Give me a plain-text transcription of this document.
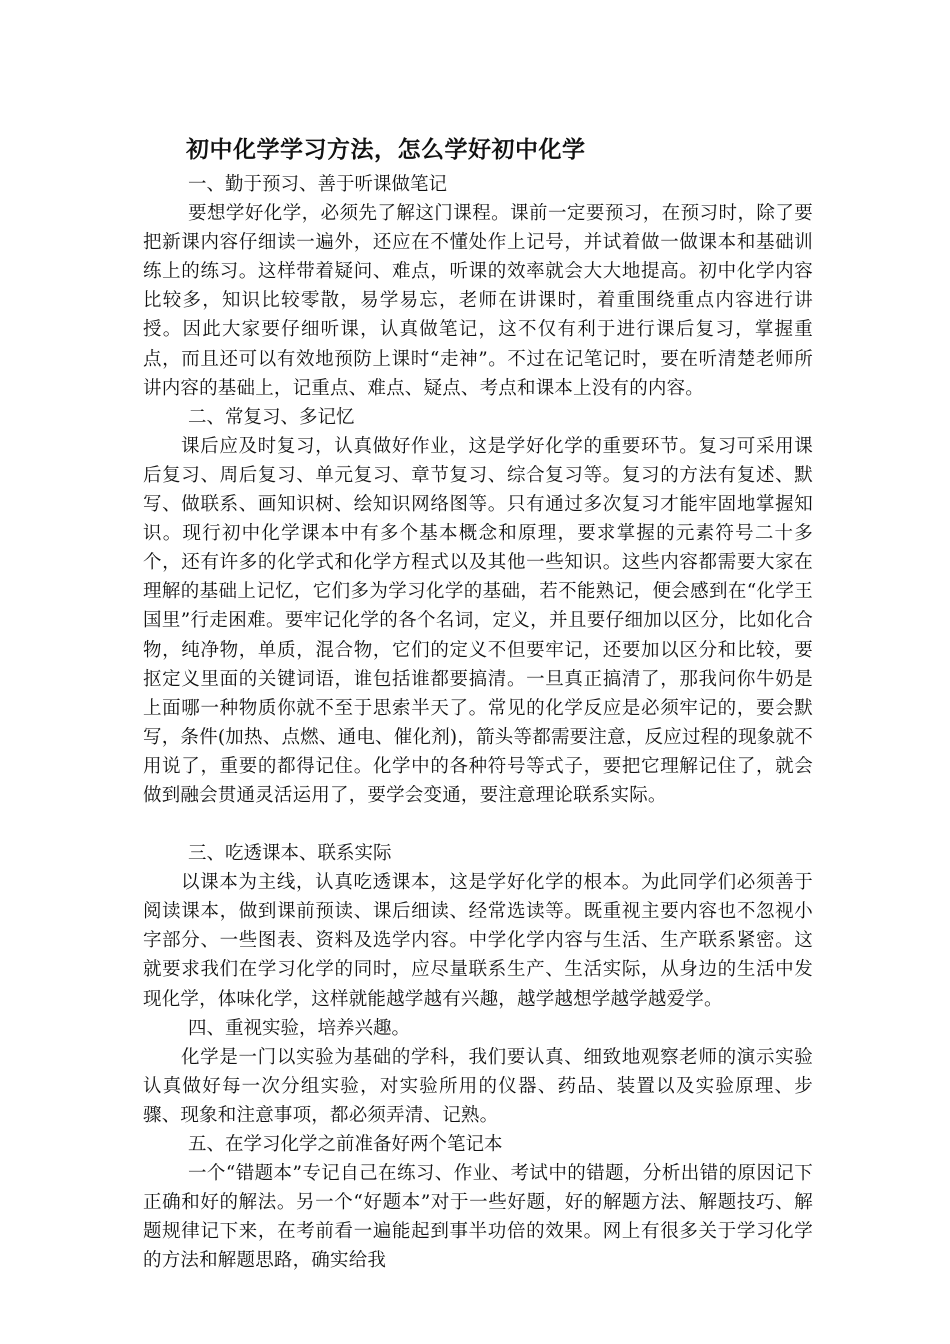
初中化学学习方法，怎么学好初中化学
一、勤于预习、善于听课做笔记
要想学好化学，必须先了解这门课程。课前一定要预习，在预习时，除了要把新课内容仔细读一遍外，还应在不懂处作上记号，并试着做一做课本和基础训练上的练习。这样带着疑问、难点，听课的效率就会大大地提高。初中化学内容比较多，知识比较零散，易学易忘，老师在讲课时，着重围绕重点内容进行讲授。因此大家要仔细听课，认真做笔记，这不仅有利于进行课后复习，掌握重点，而且还可以有效地预防上课时“走神”。不过在记笔记时，要在听清楚老师所讲内容的基础上，记重点、难点、疑点、考点和课本上没有的内容。
二、常复习、多记忆
课后应及时复习，认真做好作业，这是学好化学的重要环节。复习可采用课后复习、周后复习、单元复习、章节复习、综合复习等。复习的方法有复述、默写、做联系、画知识树、绘知识网络图等。只有通过多次复习才能牢固地掌握知识。现行初中化学课本中有多个基本概念和原理，要求掌握的元素符号二十多个，还有许多的化学式和化学方程式以及其他一些知识。这些内容都需要大家在理解的基础上记忆，它们多为学习化学的基础，若不能熟记，便会感到在“化学王国里”行走困难。要牢记化学的各个名词，定义，并且要仔细加以区分，比如化合物，纯净物，单质，混合物，它们的定义不但要牢记，还要加以区分和比较，要抠定义里面的关键词语，谁包括谁都要搞清。一旦真正搞清了，那我问你牛奶是上面哪一种物质你就不至于思索半天了。常见的化学反应是必须牢记的，要会默写，条件(加热、点燃、通电、催化剂)，箭头等都需要注意，反应过程的现象就不用说了，重要的都得记住。化学中的各种符号等式子，要把它理解记住了，就会做到融会贯通灵活运用了，要学会变通，要注意理论联系实际。
三、吃透课本、联系实际
以课本为主线，认真吃透课本，这是学好化学的根本。为此同学们必须善于阅读课本，做到课前预读、课后细读、经常选读等。既重视主要内容也不忽视小字部分、一些图表、资料及选学内容。中学化学内容与生活、生产联系紧密。这就要求我们在学习化学的同时，应尽量联系生产、生活实际，从身边的生活中发现化学，体味化学，这样就能越学越有兴趣，越学越想学越学越爱学。
四、重视实验，培养兴趣。
化学是一门以实验为基础的学科，我们要认真、细致地观察老师的演示实验认真做好每一次分组实验，对实验所用的仪器、药品、装置以及实验原理、步骤、现象和注意事项，都必须弄清、记熟。
五、在学习化学之前准备好两个笔记本
一个“错题本”专记自己在练习、作业、考试中的错题，分析出错的原因记下正确和好的解法。另一个“好题本”对于一些好题，好的解题方法、解题技巧、解题规律记下来，在考前看一遍能起到事半功倍的效果。网上有很多关于学习化学的方法和解题思路，确实给我
